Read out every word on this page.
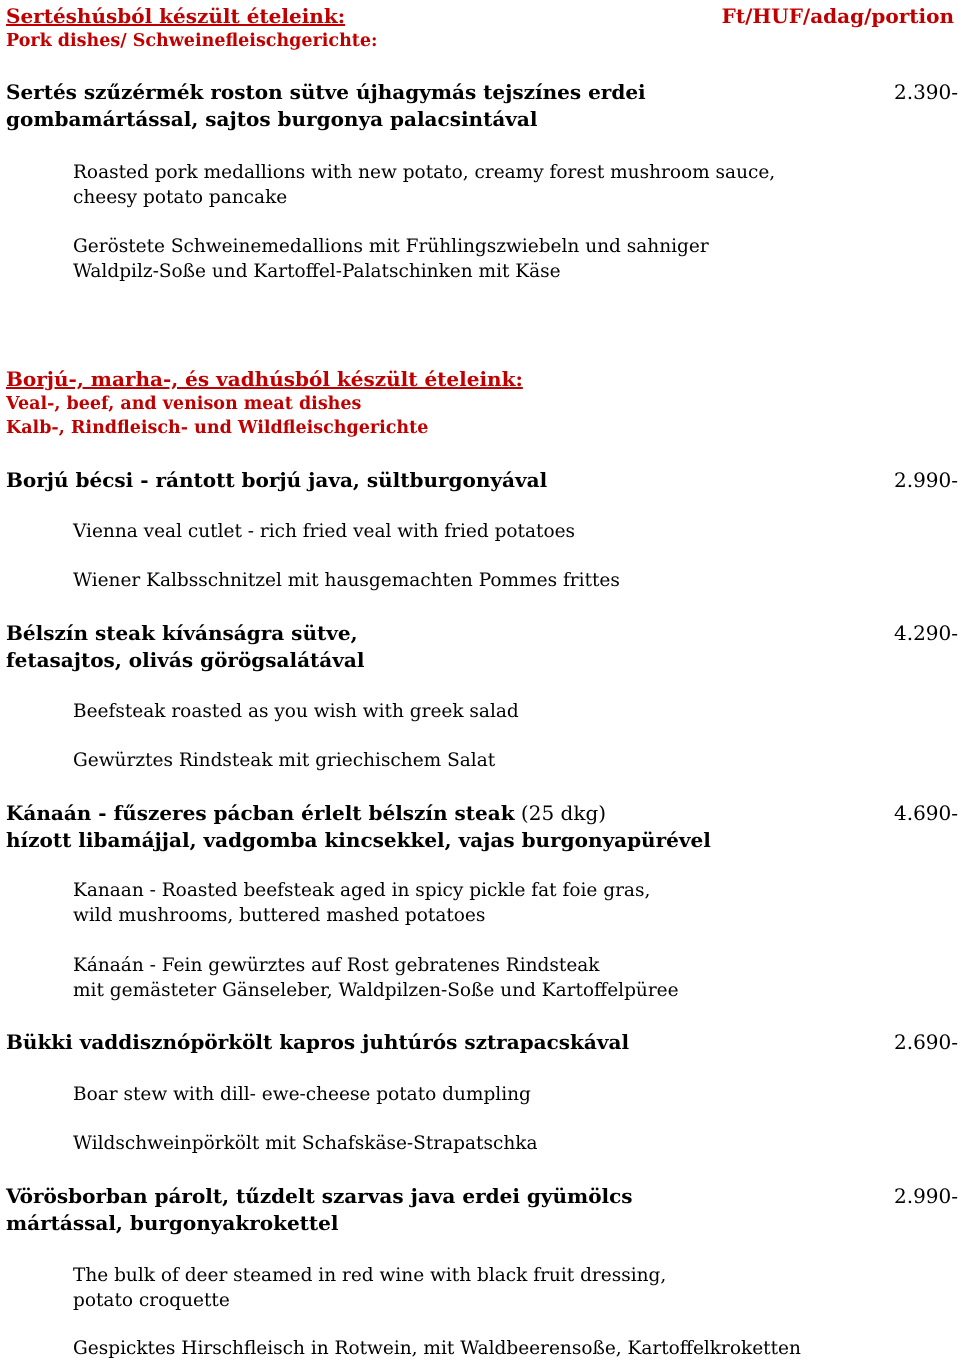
Sertéshúsból készült ételeink:
Pork dishes/ Schweinefleischgerichte:
Ft/HUF/adag/portion
Sertés szűzérmék roston sütve újhagymás tejszínes erdei
gombamártással, sajtos burgonya palacsintával
2.390-
Roasted pork medallions with new potato, creamy forest mushroom sauce,
cheesy potato pancake
Geröstete Schweinemedallions mit Frühlingszwiebeln und sahniger
Waldpilz-Soße und Kartoffel-Palatschinken mit Käse
Borjú-, marha-, és vadhúsból készült ételeink:
Veal-, beef, and venison meat dishes
Kalb-, Rindfleisch- und Wildfleischgerichte
Borjú bécsi - rántott borjú java, sültburgonyával	2.990-
Vienna veal cutlet - rich fried veal with fried potatoes
Wiener Kalbsschnitzel mit hausgemachten Pommes frittes
Bélszín steak kívánságra sütve,
fetasajtos, olivás görögsalátával
4.290-
Beefsteak roasted as you wish with greek salad
Gewürztes Rindsteak mit griechischem Salat
Kánaán - fűszeres pácban érlelt bélszín steak (25 dkg)
hízott libamájjal, vadgomba kincsekkel, vajas burgonyapürével
4.690-
Kanaan - Roasted beefsteak aged in spicy pickle fat foie gras,
wild mushrooms, buttered mashed potatoes
Kánaán - Fein gewürztes auf Rost gebratenes Rindsteak
mit gemästeter Gänseleber, Waldpilzen-Soße und Kartoffelpüree
Bükki vaddisznópörkölt kapros juhtúrós sztrapacskával	2.690-
Boar stew with dill- ewe-cheese potato dumpling
Wildschweinpörkölt mit Schafskäse-Strapatschka
Vörösborban párolt, tűzdelt szarvas java erdei gyümölcs
mártással, burgonyakrokettel
2.990-
The bulk of deer steamed in red wine with black fruit dressing,
potato croquette
Gespicktes Hirschfleisch in Rotwein, mit Waldbeerensoße, Kartoffelkroketten
